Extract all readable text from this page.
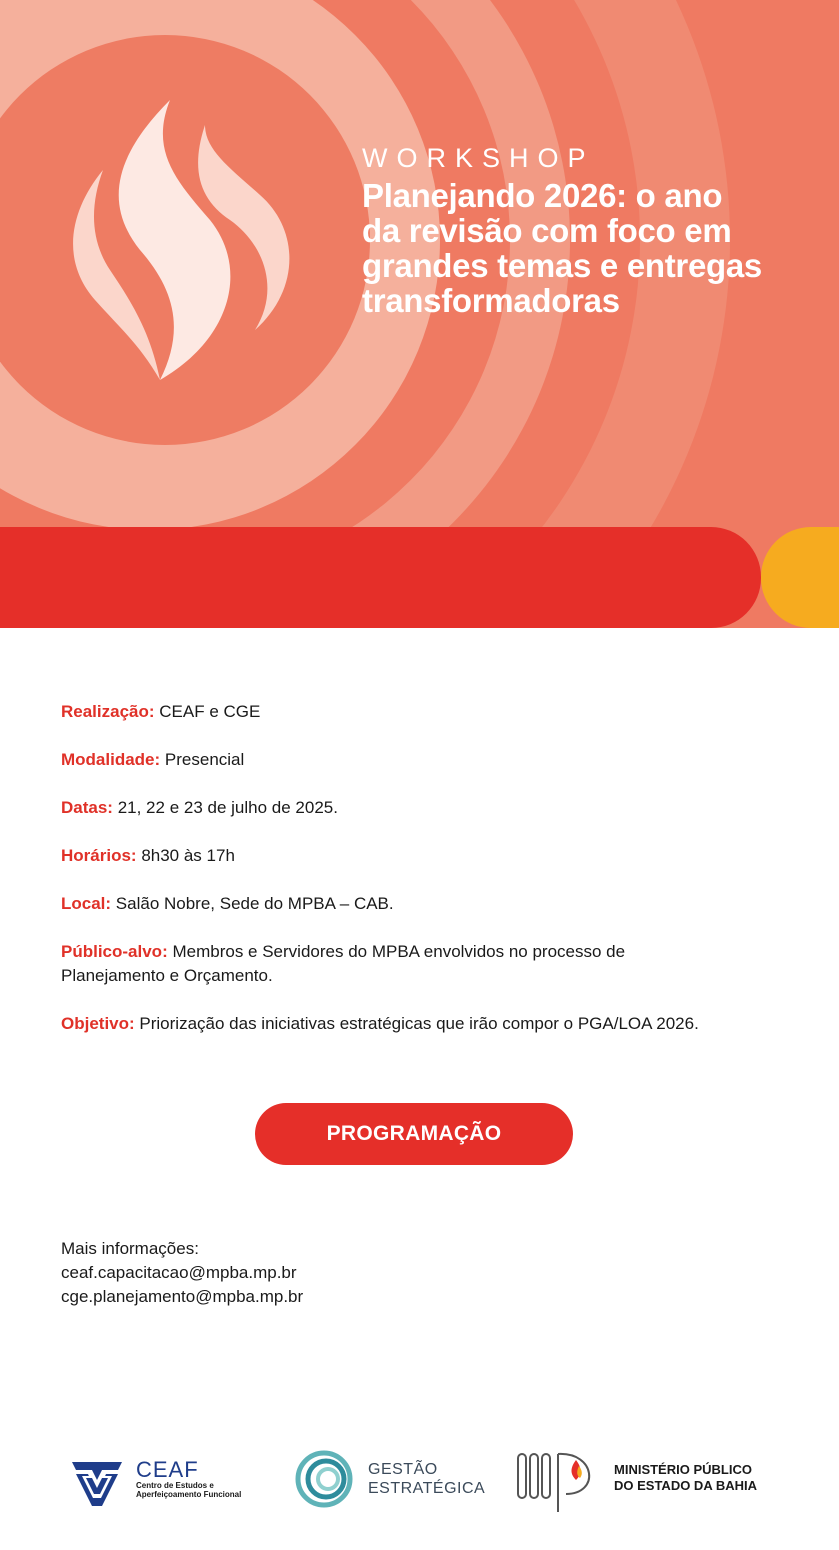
WORKSHOP
Planejando 2026: o ano
da revisão com foco em
grandes temas e entregas
transformadoras
Realização: CEAF e CGE
Modalidade: Presencial
Datas: 21, 22 e 23 de julho de 2025.
Horários: 8h30 às 17h
Local: Salão Nobre, Sede do MPBA – CAB.
Público-alvo: Membros e Servidores do MPBA envolvidos no processo de Planejamento e Orçamento.
Objetivo: Priorização das iniciativas estratégicas que irão compor o PGA/LOA 2026.
PROGRAMAÇÃO
Mais informações:
ceaf.capacitacao@mpba.mp.br
cge.planejamento@mpba.mp.br
CEAF
Centro de Estudos e
Aperfeiçoamento Funcional
GESTÃO
ESTRATÉGICA
MINISTÉRIO PÚBLICO
DO ESTADO DA BAHIA
